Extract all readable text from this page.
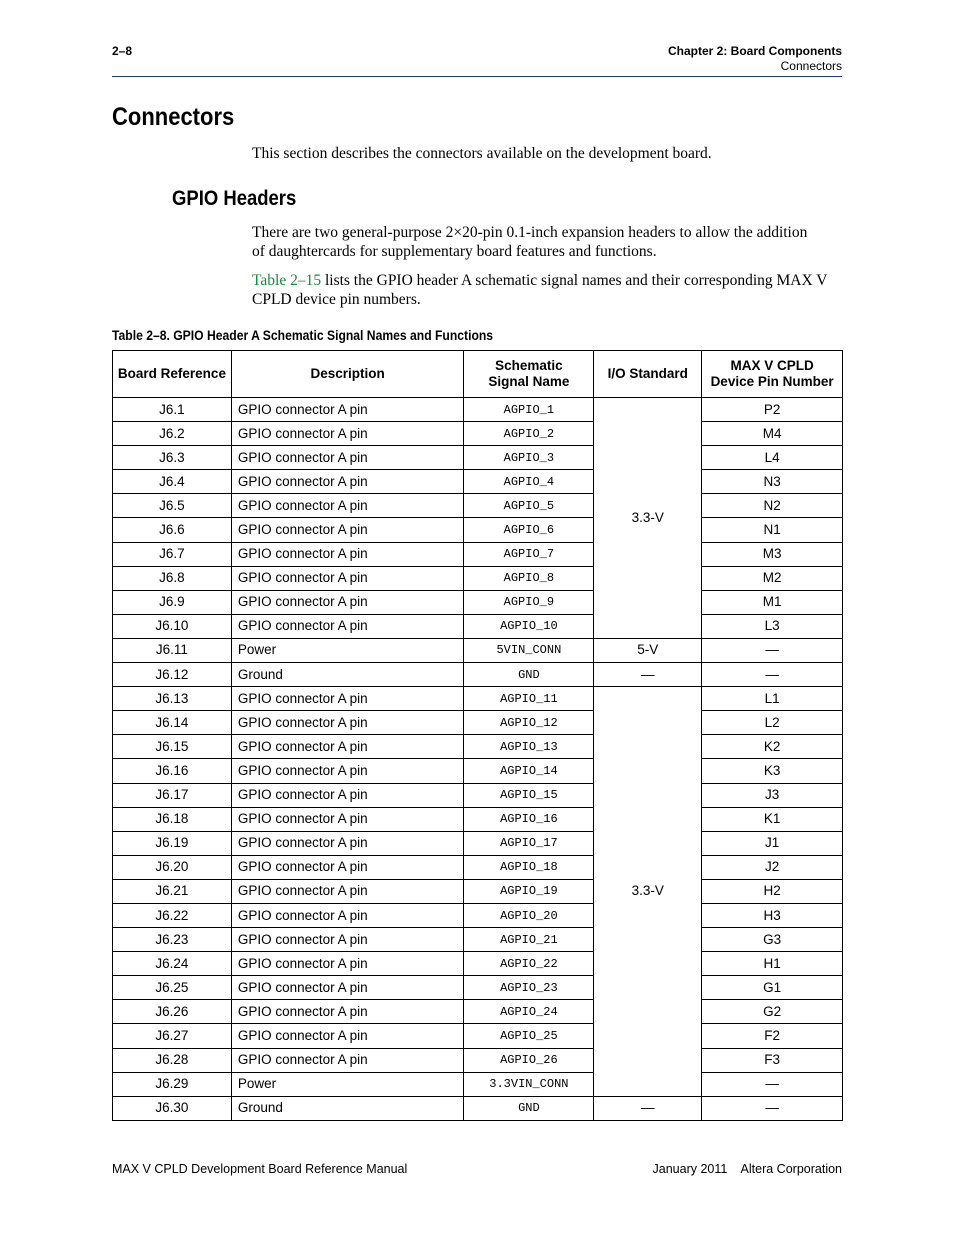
2–8	Chapter 2: Board Components
Connectors
Connectors
This section describes the connectors available on the development board.
GPIO Headers
There are two general-purpose 2×20-pin 0.1-inch expansion headers to allow the addition of daughtercards for supplementary board features and functions.
Table 2–15 lists the GPIO header A schematic signal names and their corresponding MAX V CPLD device pin numbers.
Table 2–8. GPIO Header A Schematic Signal Names and Functions
Board Reference	Description	Schematic Signal Name	I/O Standard	MAX V CPLD Device Pin Number
J6.1	GPIO connector A pin	AGPIO_1	3.3-V	P2
J6.2	GPIO connector A pin	AGPIO_2		M4
J6.3	GPIO connector A pin	AGPIO_3		L4
J6.4	GPIO connector A pin	AGPIO_4		N3
J6.5	GPIO connector A pin	AGPIO_5		N2
J6.6	GPIO connector A pin	AGPIO_6		N1
J6.7	GPIO connector A pin	AGPIO_7		M3
J6.8	GPIO connector A pin	AGPIO_8		M2
J6.9	GPIO connector A pin	AGPIO_9		M1
J6.10	GPIO connector A pin	AGPIO_10		L3
J6.11	Power	5VIN_CONN	5-V	—
J6.12	Ground	GND	—	—
J6.13	GPIO connector A pin	AGPIO_11	3.3-V	L1
J6.14	GPIO connector A pin	AGPIO_12		L2
J6.15	GPIO connector A pin	AGPIO_13		K2
J6.16	GPIO connector A pin	AGPIO_14		K3
J6.17	GPIO connector A pin	AGPIO_15		J3
J6.18	GPIO connector A pin	AGPIO_16		K1
J6.19	GPIO connector A pin	AGPIO_17		J1
J6.20	GPIO connector A pin	AGPIO_18		J2
J6.21	GPIO connector A pin	AGPIO_19		H2
J6.22	GPIO connector A pin	AGPIO_20		H3
J6.23	GPIO connector A pin	AGPIO_21		G3
J6.24	GPIO connector A pin	AGPIO_22		H1
J6.25	GPIO connector A pin	AGPIO_23		G1
J6.26	GPIO connector A pin	AGPIO_24		G2
J6.27	GPIO connector A pin	AGPIO_25		F2
J6.28	GPIO connector A pin	AGPIO_26		F3
J6.29	Power	3.3VIN_CONN		—
J6.30	Ground	GND	—	—
MAX V CPLD Development Board Reference Manual	January 2011    Altera Corporation
